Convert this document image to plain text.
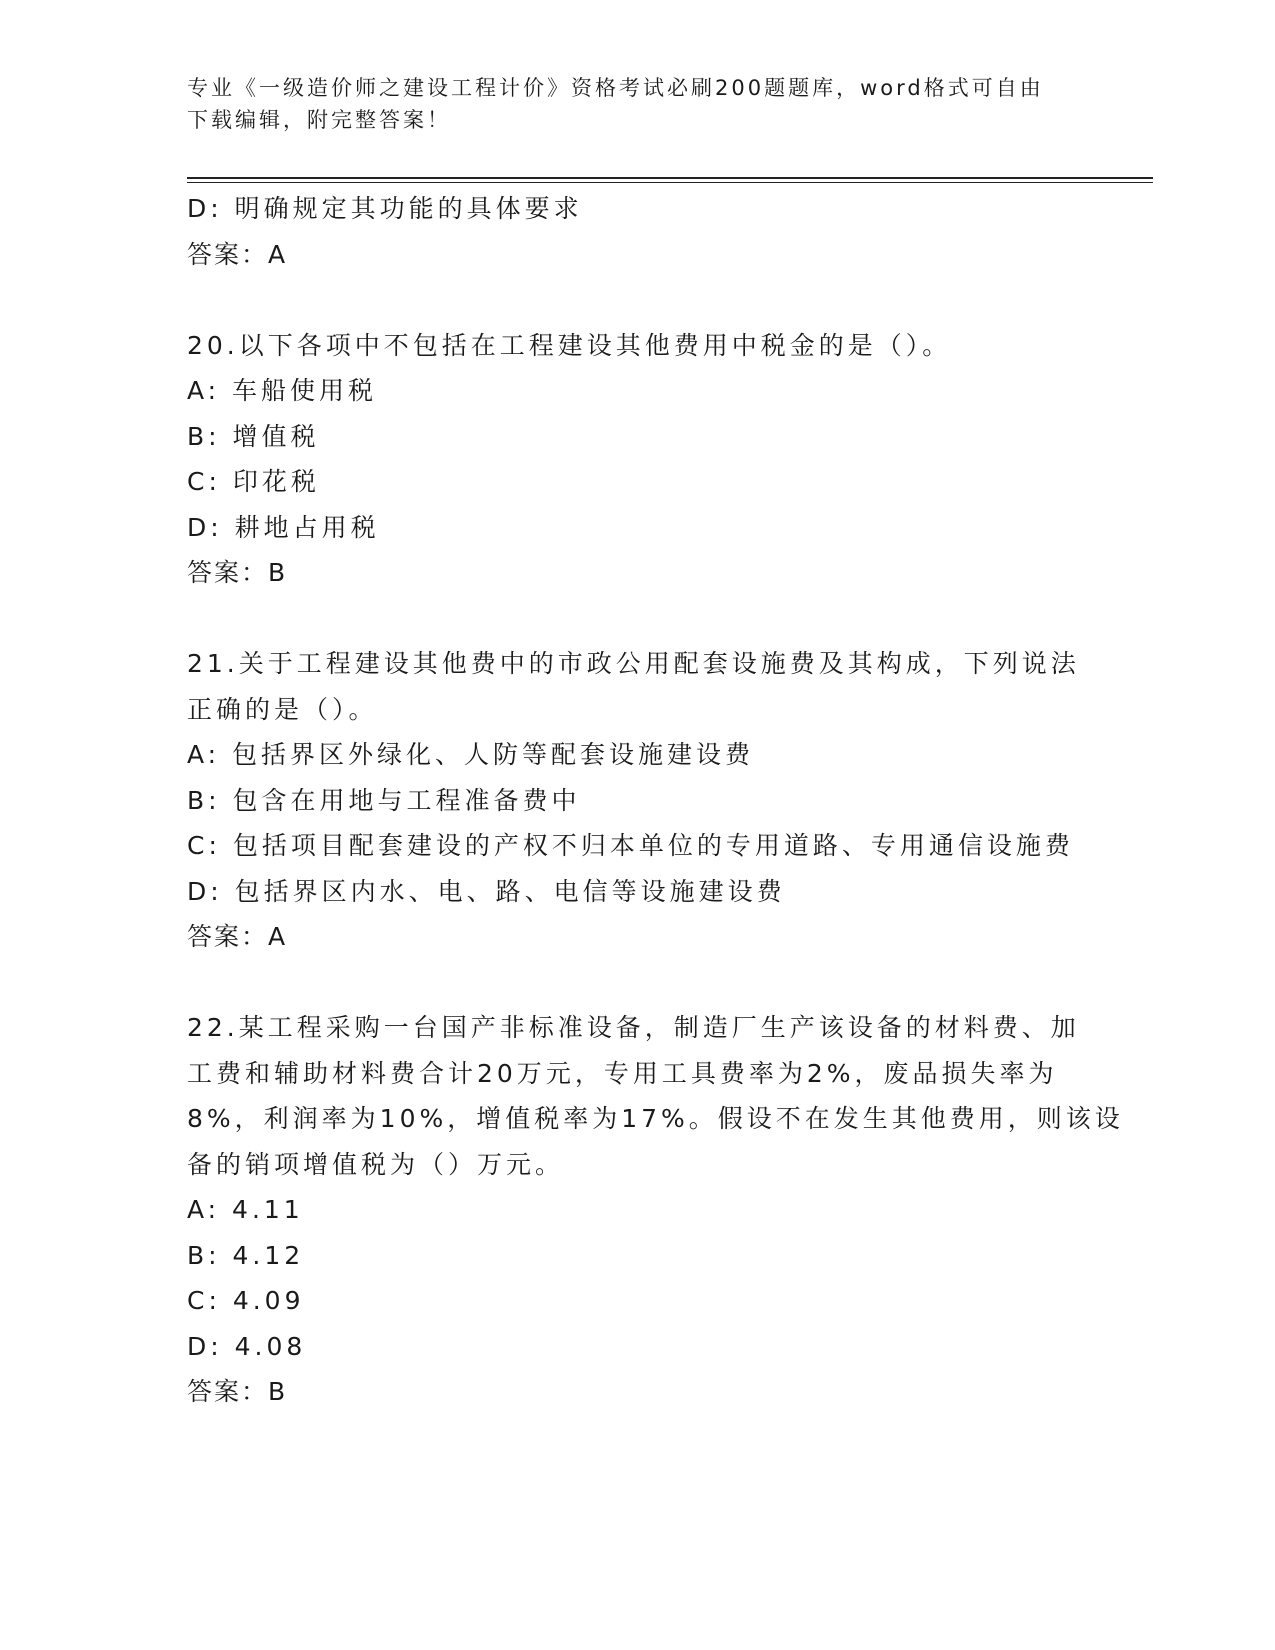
专业《一级造价师之建设工程计价》资格考试必刷200题题库，word格式可自由
下载编辑，附完整答案！
D: 明确规定其功能的具体要求
答案：A
20.以下各项中不包括在工程建设其他费用中税金的是（）。
A: 车船使用税
B: 增值税
C: 印花税
D: 耕地占用税
答案：B
21.关于工程建设其他费中的市政公用配套设施费及其构成，下列说法
正确的是（）。
A: 包括界区外绿化、人防等配套设施建设费
B: 包含在用地与工程准备费中
C: 包括项目配套建设的产权不归本单位的专用道路、专用通信设施费
D: 包括界区内水、电、路、电信等设施建设费
答案：A
22.某工程采购一台国产非标准设备，制造厂生产该设备的材料费、加
工费和辅助材料费合计20万元，专用工具费率为2%，废品损失率为
8%，利润率为10%，增值税率为17%。假设不在发生其他费用，则该设
备的销项增值税为（）万元。
A: 4.11
B: 4.12
C: 4.09
D: 4.08
答案：B
